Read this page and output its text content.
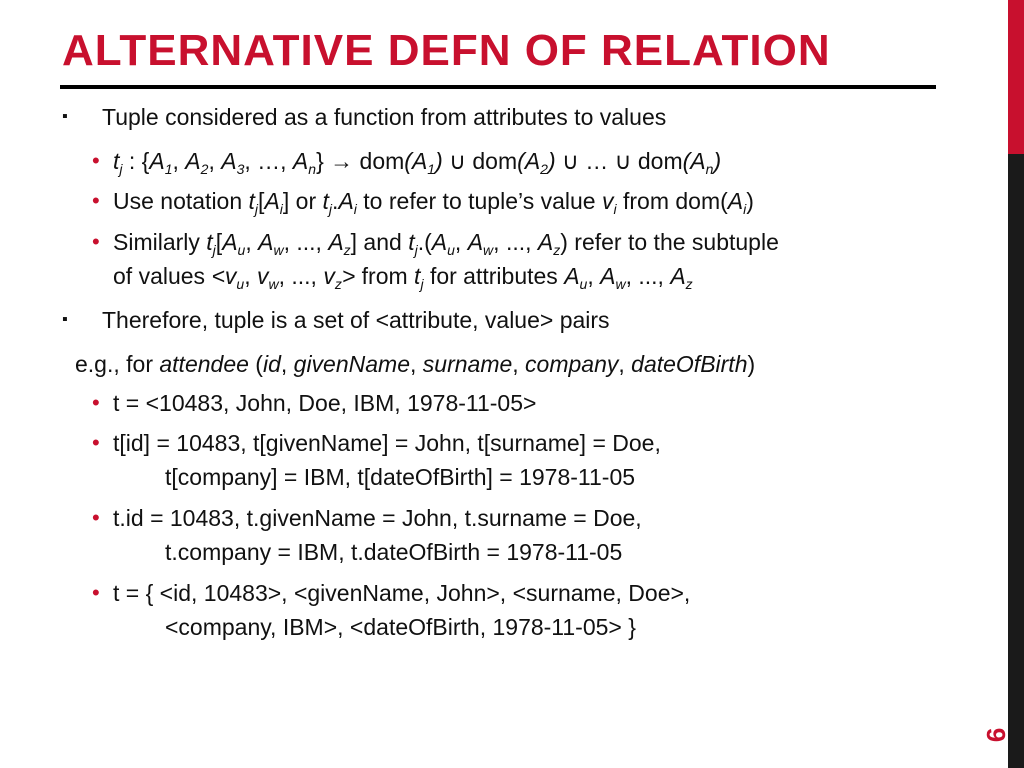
ALTERNATIVE DEFN OF RELATION
9
▪ Tuple considered as a function from attributes to values
• $t_j$ : {$A_1$, $A_2$, $A_3$, …, $A_n\} \to dom(A_1)$ ∪ $dom(A_2)$ ∪ … ∪ $dom(A_n)$
• Use notation $t_j[A_i]$ or $t_j.A_i$ to refer to tuple’s value $v_i$ from $dom(A_i)$
• Similarly $t_j[A_u$, $A_w$, ..., $A_z$] and $t_j.(A_u$, $A_w$, ..., $A_z$) refer to the subtuple
of values $<v_u$, $v_w$, ..., $v_z>$ from $t_j$ for attributes $A_u$, $A_w$, ..., $A_z$
▪ Therefore, tuple is a set of <attribute, value> pairs
e.g., for attendee (id, givenName, surname, company, dateOfBirth)
• t = <10483, John, Doe, IBM, 1978-11-05>
• t[id] = 10483, t[givenName] = John, t[surname] = Doe,
t[company] = IBM, t[dateOfBirth] = 1978-11-05
• t.id = 10483, t.givenName = John, t.surname = Doe,
t.company = IBM, t.dateOfBirth = 1978-11-05
• t = { <id, 10483>, <givenName, John>, <surname, Doe>,
<company, IBM>, <dateOfBirth, 1978-11-05> }
